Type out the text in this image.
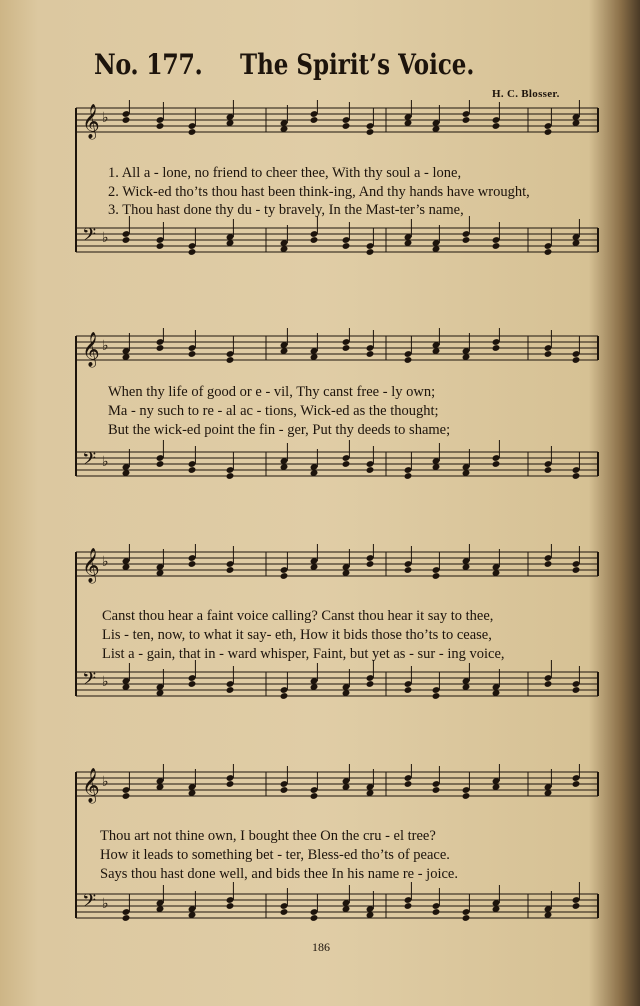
No. 177. The Spirit’s Voice.
H. C. Blosser.
𝄞 ♭
𝄢 ♭
1. All a - lone, no friend to cheer thee, With thy soul a - lone,
2. Wick-ed tho’ts thou hast been think-ing, And thy hands have wrought,
3. Thou hast done thy du - ty bravely, In the Mast-ter’s name,
𝄞 ♭
𝄢 ♭
When thy life of good or e - vil, Thy canst free - ly own;
Ma - ny such to re - al ac - tions, Wick-ed as the thought;
But the wick-ed point the fin - ger, Put thy deeds to shame;
𝄞 ♭
𝄢 ♭
Canst thou hear a faint voice calling? Canst thou hear it say to thee,
Lis - ten, now, to what it say- eth, How it bids those tho’ts to cease,
List a - gain, that in - ward whisper, Faint, but yet as - sur - ing voice,
𝄞 ♭
𝄢 ♭
Thou art not thine own, I bought thee On the cru - el tree?
How it leads to something bet - ter, Bless-ed tho’ts of peace.
Says thou hast done well, and bids thee In his name re - joice.
186
